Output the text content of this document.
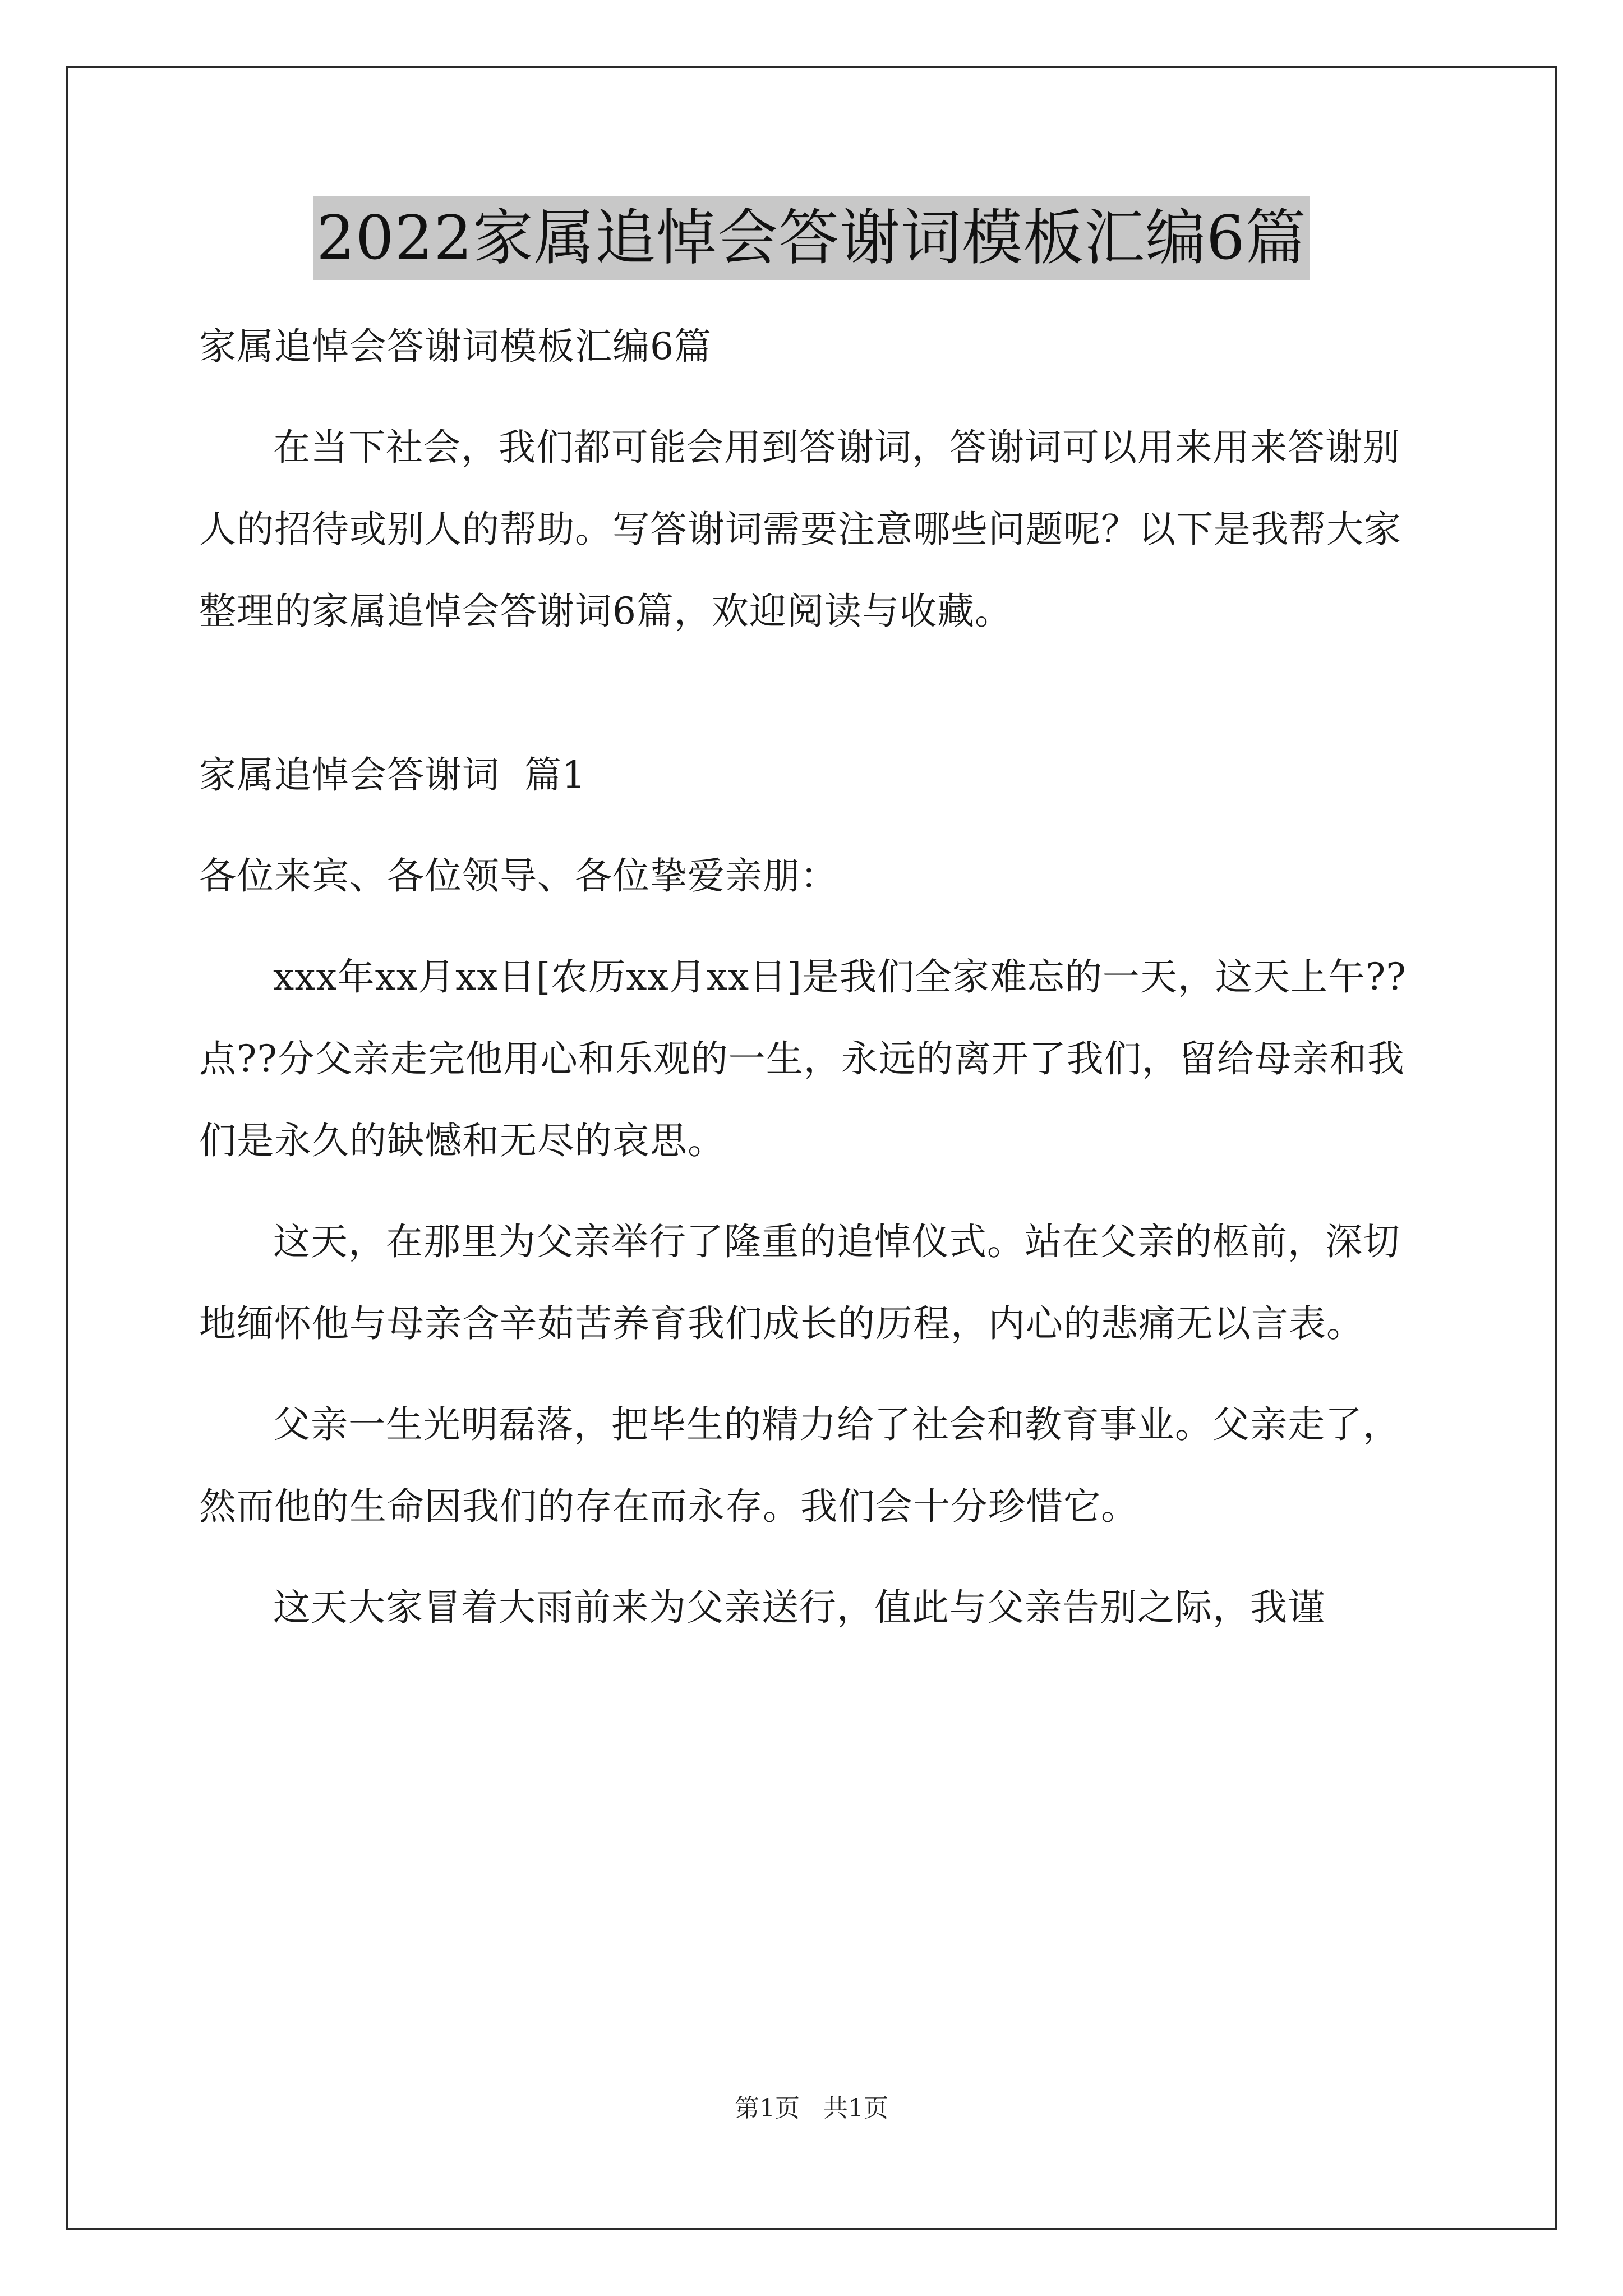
2022家属追悼会答谢词模板汇编6篇

家属追悼会答谢词模板汇编6篇

在当下社会，我们都可能会用到答谢词，答谢词可以用来用来答谢别人的招待或别人的帮助。写答谢词需要注意哪些问题呢？以下是我帮大家整理的家属追悼会答谢词6篇，欢迎阅读与收藏。

家属追悼会答谢词  篇1

各位来宾、各位领导、各位挚爱亲朋：

xxx年xx月xx日[农历xx月xx日]是我们全家难忘的一天，这天上午??点??分父亲走完他用心和乐观的一生，永远的离开了我们，留给母亲和我们是永久的缺憾和无尽的哀思。

这天，在那里为父亲举行了隆重的追悼仪式。站在父亲的柩前，深切地缅怀他与母亲含辛茹苦养育我们成长的历程，内心的悲痛无以言表。

父亲一生光明磊落，把毕生的精力给了社会和教育事业。父亲走了，然而他的生命因我们的存在而永存。我们会十分珍惜它。

这天大家冒着大雨前来为父亲送行，值此与父亲告别之际，我谨

第1页 共1页
